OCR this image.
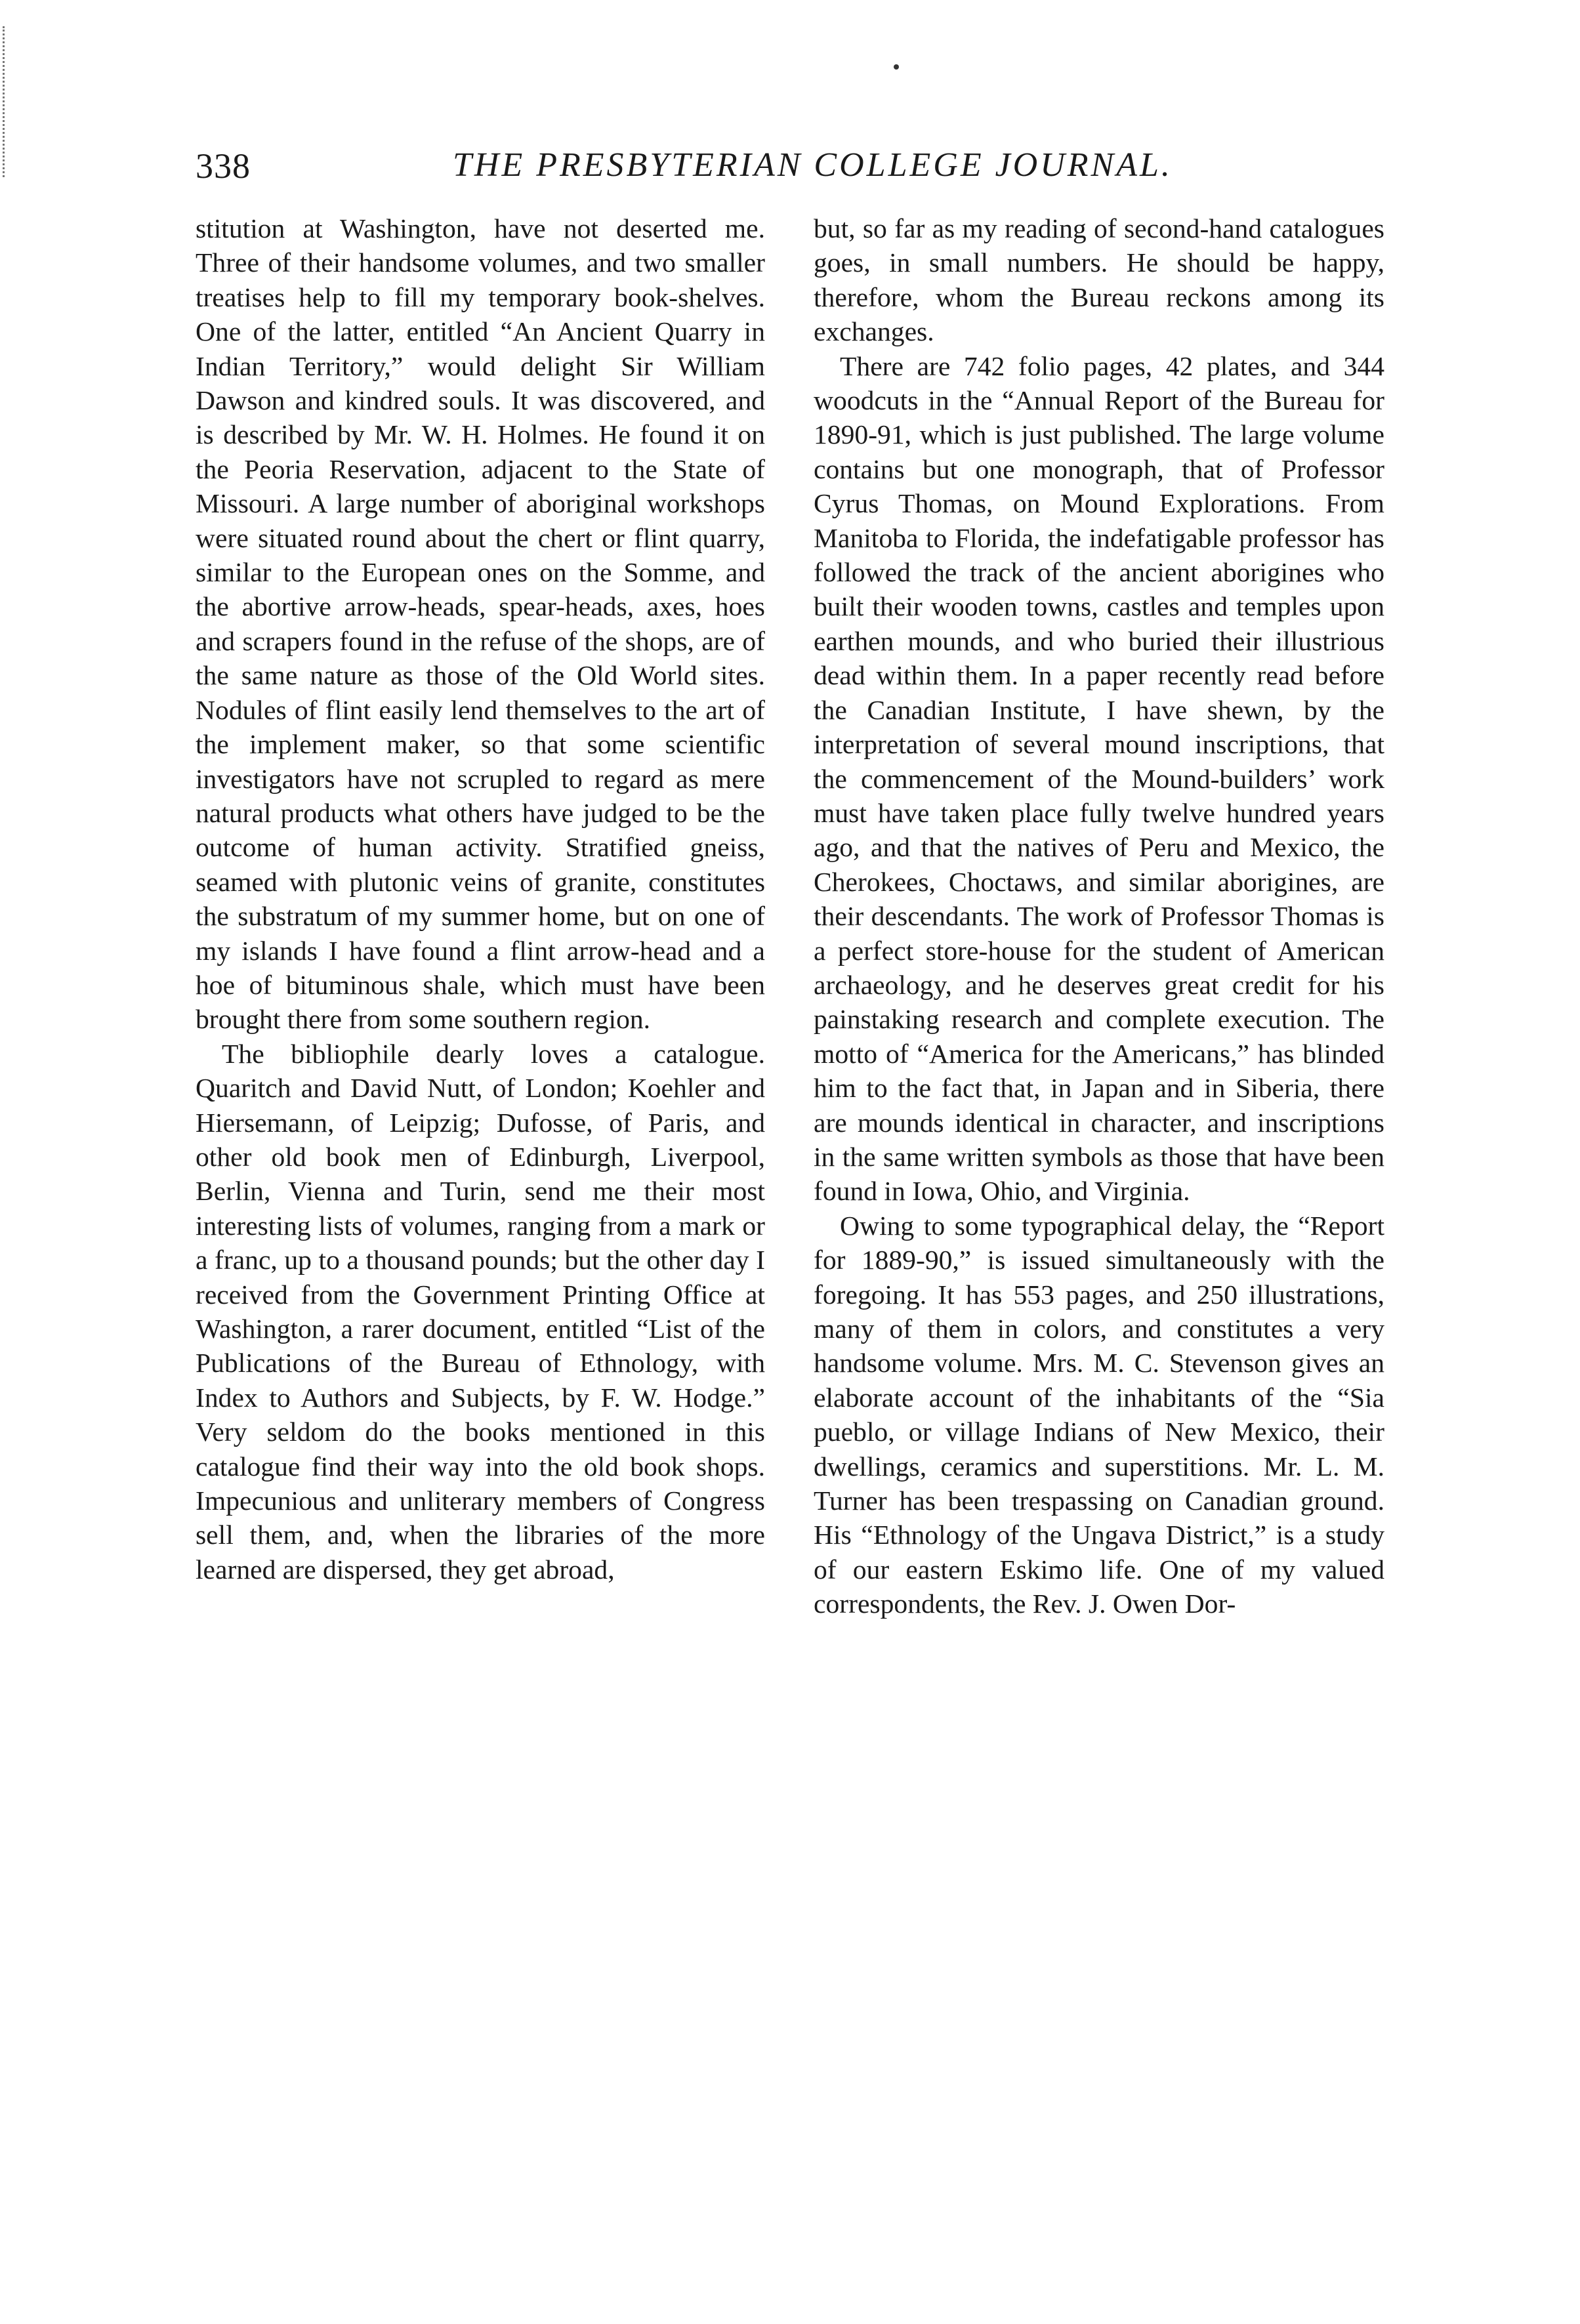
338	THE PRESBYTERIAN COLLEGE JOURNAL.

stitution at Washington, have not deserted me. Three of their handsome volumes, and two smaller treatises help to fill my temporary book-shelves. One of the latter, entitled “An Ancient Quarry in Indian Territory,” would delight Sir William Dawson and kindred souls. It was discovered, and is described by Mr. W. H. Holmes. He found it on the Peoria Reservation, adjacent to the State of Missouri. A large number of aboriginal workshops were situated round about the chert or flint quarry, similar to the European ones on the Somme, and the abortive arrow-heads, spear-heads, axes, hoes and scrapers found in the refuse of the shops, are of the same nature as those of the Old World sites. Nodules of flint easily lend themselves to the art of the implement maker, so that some scientific investigators have not scrupled to regard as mere natural products what others have judged to be the outcome of human activity. Stratified gneiss, seamed with plutonic veins of granite, constitutes the substratum of my summer home, but on one of my islands I have found a flint arrow-head and a hoe of bituminous shale, which must have been brought there from some southern region.

The bibliophile dearly loves a catalogue. Quaritch and David Nutt, of London; Koehler and Hiersemann, of Leipzig; Dufosse, of Paris, and other old book men of Edinburgh, Liverpool, Berlin, Vienna and Turin, send me their most interesting lists of volumes, ranging from a mark or a franc, up to a thousand pounds; but the other day I received from the Government Printing Office at Washington, a rarer document, entitled “List of the Publications of the Bureau of Ethnology, with Index to Authors and Subjects, by F. W. Hodge.” Very seldom do the books mentioned in this catalogue find their way into the old book shops. Impecunious and unliterary members of Congress sell them, and, when the libraries of the more learned are dispersed, they get abroad,

but, so far as my reading of second-hand catalogues goes, in small numbers. He should be happy, therefore, whom the Bureau reckons among its exchanges.

There are 742 folio pages, 42 plates, and 344 woodcuts in the “Annual Report of the Bureau for 1890-91, which is just published. The large volume contains but one monograph, that of Professor Cyrus Thomas, on Mound Explorations. From Manitoba to Florida, the indefatigable professor has followed the track of the ancient aborigines who built their wooden towns, castles and temples upon earthen mounds, and who buried their illustrious dead within them. In a paper recently read before the Canadian Institute, I have shewn, by the interpretation of several mound inscriptions, that the commencement of the Mound-builders’ work must have taken place fully twelve hundred years ago, and that the natives of Peru and Mexico, the Cherokees, Choctaws, and similar aborigines, are their descendants. The work of Professor Thomas is a perfect store-house for the student of American archaeology, and he deserves great credit for his painstaking research and complete execution. The motto of “America for the Americans,” has blinded him to the fact that, in Japan and in Siberia, there are mounds identical in character, and inscriptions in the same written symbols as those that have been found in Iowa, Ohio, and Virginia.

Owing to some typographical delay, the “Report for 1889-90,” is issued simultaneously with the foregoing. It has 553 pages, and 250 illustrations, many of them in colors, and constitutes a very handsome volume. Mrs. M. C. Stevenson gives an elaborate account of the inhabitants of the “Sia pueblo, or village Indians of New Mexico, their dwellings, ceramics and superstitions. Mr. L. M. Turner has been trespassing on Canadian ground. His “Ethnology of the Ungava District,” is a study of our eastern Eskimo life. One of my valued correspondents, the Rev. J. Owen Dor-
